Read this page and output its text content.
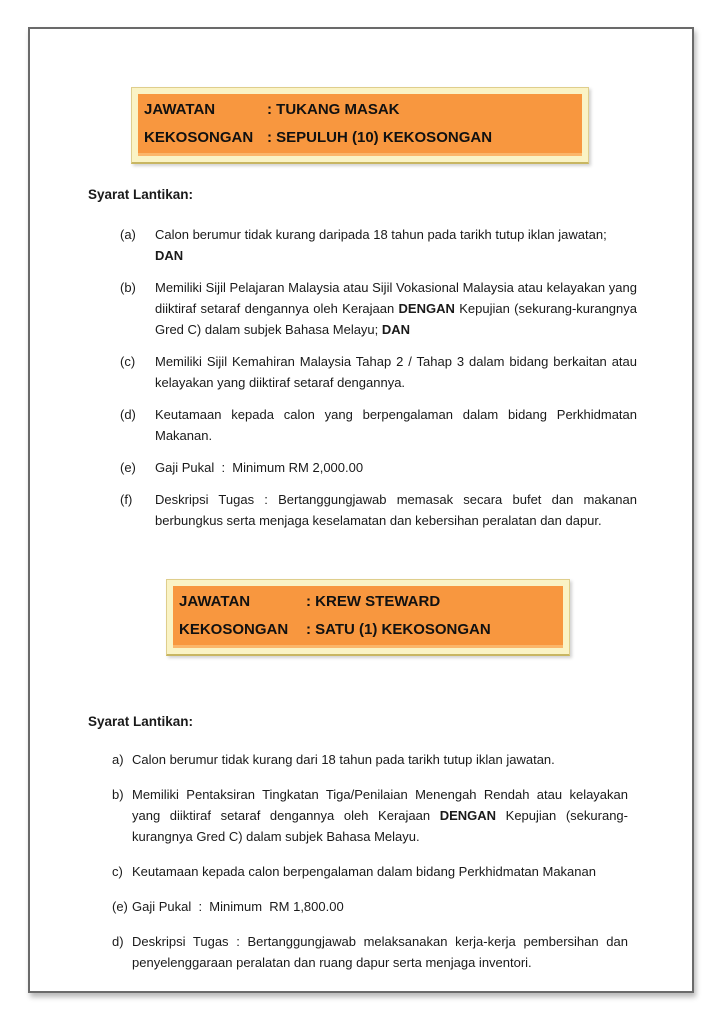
JAWATAN	: TUKANG MASAK
KEKOSONGAN : SEPULUH (10) KEKOSONGAN
Syarat Lantikan:
(a)	Calon berumur tidak kurang daripada 18 tahun pada tarikh tutup iklan jawatan;
DAN
(b)	Memiliki Sijil Pelajaran Malaysia atau Sijil Vokasional Malaysia atau kelayakan yang diiktiraf setaraf dengannya oleh Kerajaan DENGAN Kepujian (sekurang-kurangnya Gred C) dalam subjek Bahasa Melayu; DAN
(c)	Memiliki Sijil Kemahiran Malaysia Tahap 2 / Tahap 3 dalam bidang berkaitan atau kelayakan yang diiktiraf setaraf dengannya.
(d)	Keutamaan kepada calon yang berpengalaman dalam bidang Perkhidmatan Makanan.
(e)	Gaji Pukal  :  Minimum RM 2,000.00
(f)	Deskripsi Tugas : Bertanggungjawab memasak secara bufet dan makanan berbungkus serta menjaga keselamatan dan kebersihan peralatan dan dapur.
JAWATAN	: KREW STEWARD
KEKOSONGAN	: SATU (1) KEKOSONGAN
Syarat Lantikan:
a) Calon berumur tidak kurang dari 18 tahun pada tarikh tutup iklan jawatan.
b) Memiliki Pentaksiran Tingkatan Tiga/Penilaian Menengah Rendah atau kelayakan yang diiktiraf setaraf dengannya oleh Kerajaan DENGAN Kepujian (sekurang-kurangnya Gred C) dalam subjek Bahasa Melayu.
c) Keutamaan kepada calon berpengalaman dalam bidang Perkhidmatan Makanan
(e) Gaji Pukal  :  Minimum  RM 1,800.00
d) Deskripsi Tugas : Bertanggungjawab melaksanakan kerja-kerja pembersihan dan penyelenggaraan peralatan dan ruang dapur serta menjaga inventori.
